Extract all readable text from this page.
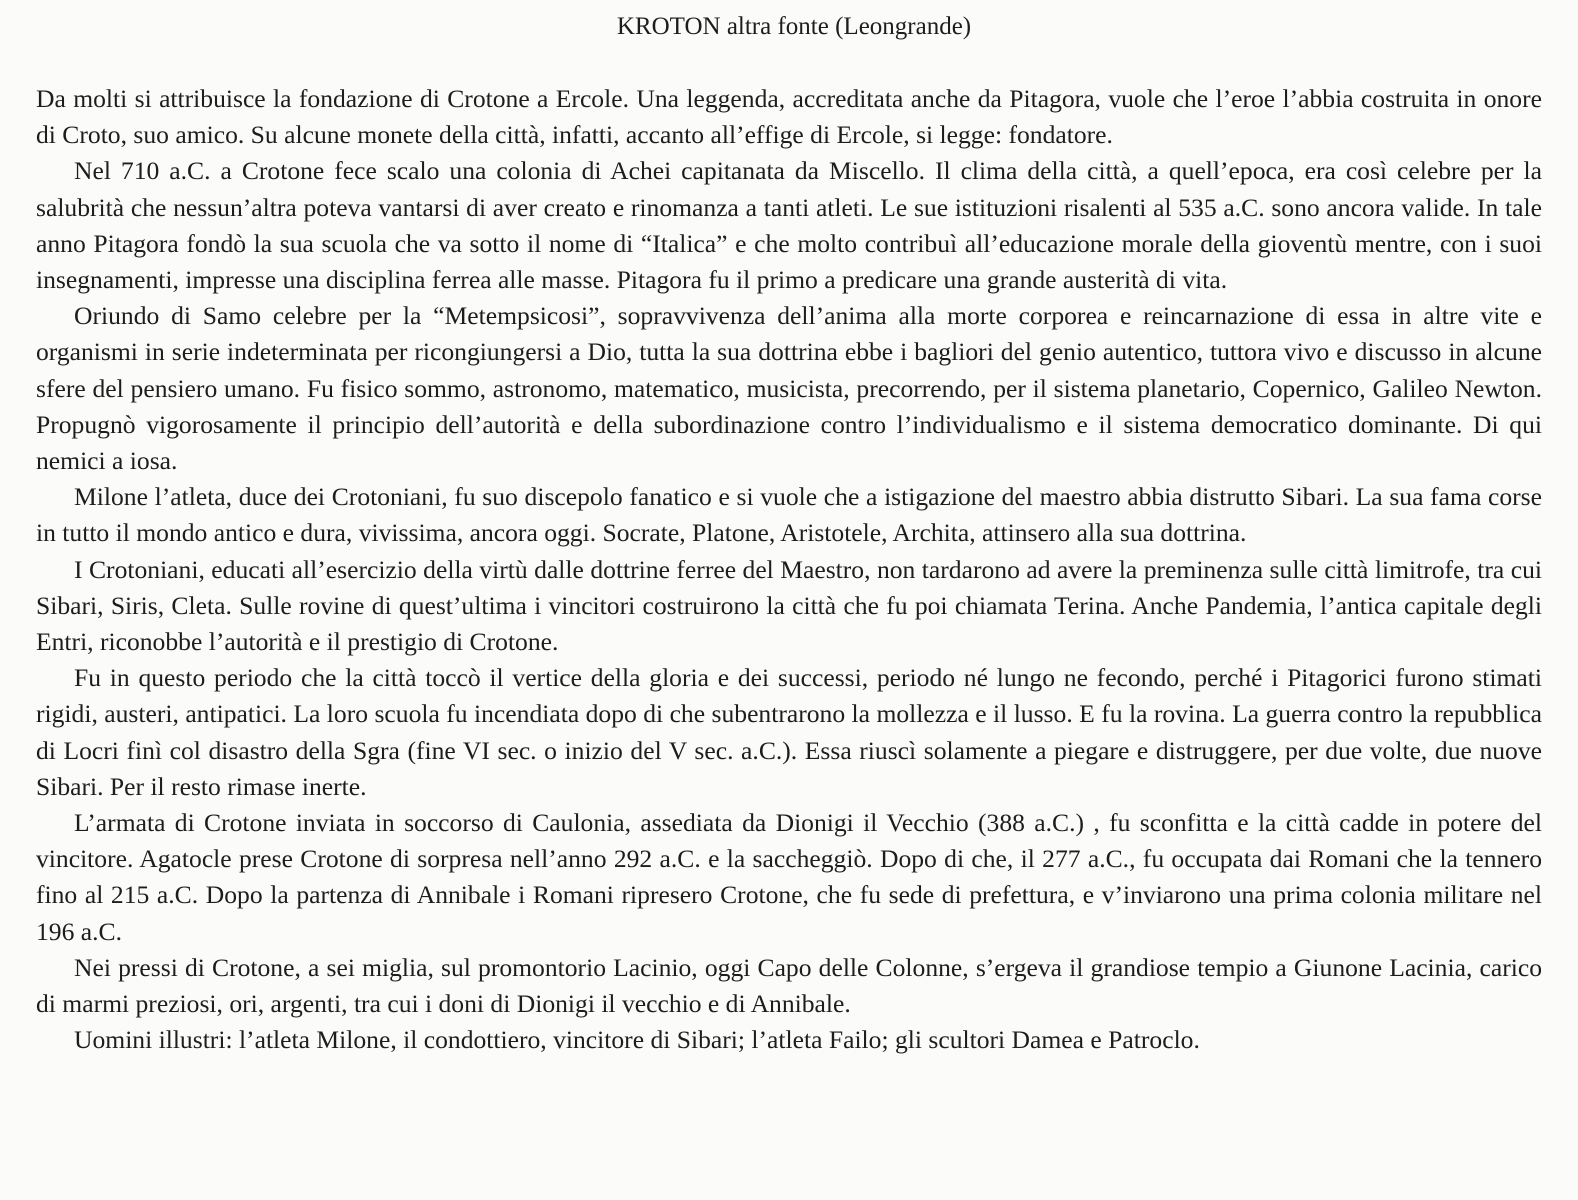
KROTON altra fonte (Leongrande)

Da molti si attribuisce la fondazione di Crotone a Ercole. Una leggenda, accreditata anche da Pitagora, vuole che l’eroe l’abbia costruita in onore di Croto, suo amico. Su alcune monete della città, infatti, accanto all’effige di Ercole, si legge: fondatore.

Nel 710 a.C. a Crotone fece scalo una colonia di Achei capitanata da Miscello. Il clima della città, a quell’epoca, era così celebre per la salubrità che nessun’altra poteva vantarsi di aver creato e rinomanza a tanti atleti. Le sue istituzioni risalenti al 535 a.C. sono ancora valide. In tale anno Pitagora fondò la sua scuola che va sotto il nome di “Italica” e che molto contribuì all’educazione morale della gioventù mentre, con i suoi insegnamenti, impresse una disciplina ferrea alle masse. Pitagora fu il primo a predicare una grande austerità di vita.

Oriundo di Samo celebre per la “Metempsicosi”, sopravvivenza dell’anima alla morte corporea e reincarnazione di essa in altre vite e organismi in serie indeterminata per ricongiungersi a Dio, tutta la sua dottrina ebbe i bagliori del genio autentico, tuttora vivo e discusso in alcune sfere del pensiero umano. Fu fisico sommo, astronomo, matematico, musicista, precorrendo, per il sistema planetario, Copernico, Galileo Newton. Propugnò vigorosamente il principio dell’autorità e della subordinazione contro l’individualismo e il sistema democratico dominante. Di qui nemici a iosa.

Milone l’atleta, duce dei Crotoniani, fu suo discepolo fanatico e si vuole che a istigazione del maestro abbia distrutto Sibari. La sua fama corse in tutto il mondo antico e dura, vivissima, ancora oggi. Socrate, Platone, Aristotele, Archita, attinsero alla sua dottrina.

I Crotoniani, educati all’esercizio della virtù dalle dottrine ferree del Maestro, non tardarono ad avere la preminenza sulle città limitrofe, tra cui Sibari, Siris, Cleta. Sulle rovine di quest’ultima i vincitori costruirono la città che fu poi chiamata Terina. Anche Pandemia, l’antica capitale degli Entri, riconobbe l’autorità e il prestigio di Crotone.

Fu in questo periodo che la città toccò il vertice della gloria e dei successi, periodo né lungo ne fecondo, perché i Pitagorici furono stimati rigidi, austeri, antipatici. La loro scuola fu incendiata dopo di che subentrarono la mollezza e il lusso. E fu la rovina. La guerra contro la repubblica di Locri finì col disastro della Sgra (fine VI sec. o inizio del V sec. a.C.). Essa riuscì solamente a piegare e distruggere, per due volte, due nuove Sibari. Per il resto rimase inerte.

L’armata di Crotone inviata in soccorso di Caulonia, assediata da Dionigi il Vecchio (388 a.C.) , fu sconfitta e la città cadde in potere del vincitore. Agatocle prese Crotone di sorpresa nell’anno 292 a.C. e la saccheggiò. Dopo di che, il 277 a.C., fu occupata dai Romani che la tennero fino al 215 a.C. Dopo la partenza di Annibale i Romani ripresero Crotone, che fu sede di prefettura, e v’inviarono una prima colonia militare nel 196 a.C.

Nei pressi di Crotone, a sei miglia, sul promontorio Lacinio, oggi Capo delle Colonne, s’ergeva il grandiose tempio a Giunone Lacinia, carico di marmi preziosi, ori, argenti, tra cui i doni di Dionigi il vecchio e di Annibale.

Uomini illustri: l’atleta Milone, il condottiero, vincitore di Sibari; l’atleta Failo; gli scultori Damea e Patroclo.
